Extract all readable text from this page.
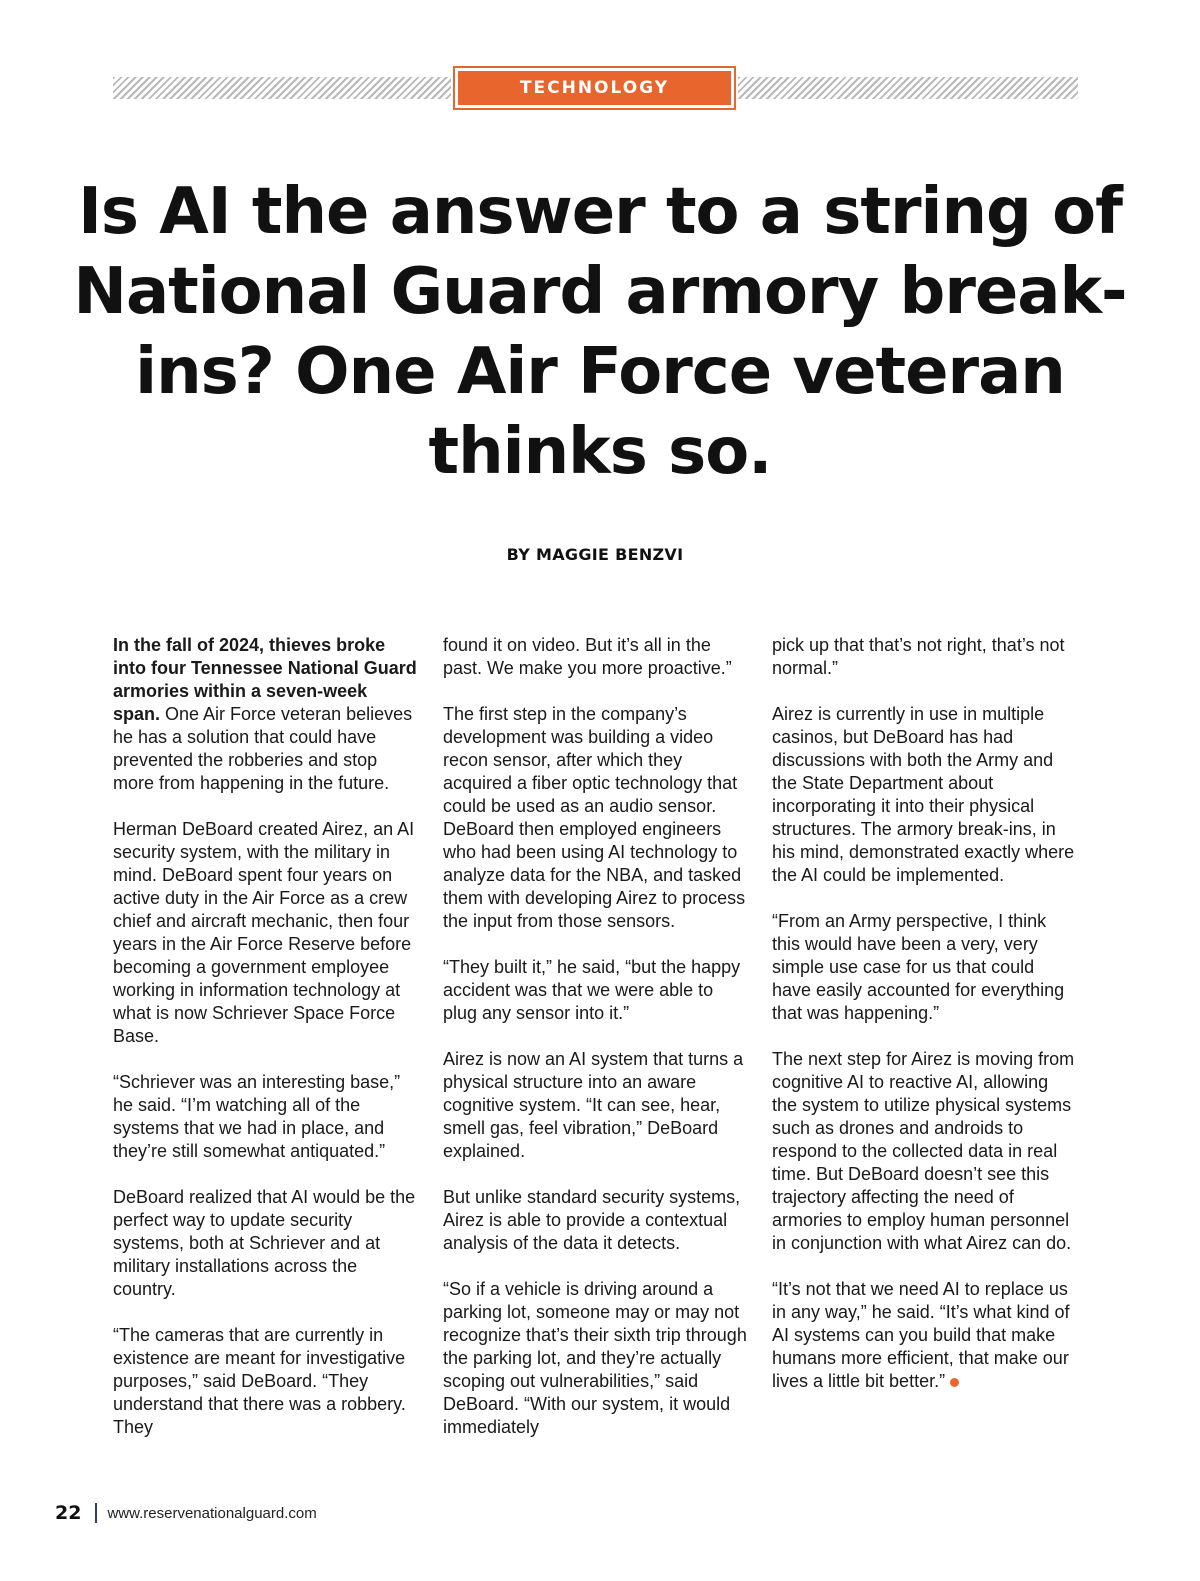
TECHNOLOGY
Is AI the answer to a string of National Guard armory break-ins? One Air Force veteran thinks so.
BY MAGGIE BENZVI

In the fall of 2024, thieves broke into four Tennessee National Guard armories within a seven-week span. One Air Force veteran believes he has a solution that could have prevented the robberies and stop more from happening in the future.

Herman DeBoard created Airez, an AI security system, with the military in mind. DeBoard spent four years on active duty in the Air Force as a crew chief and aircraft mechanic, then four years in the Air Force Reserve before becoming a government employee working in information technology at what is now Schriever Space Force Base.

“Schriever was an interesting base,” he said. “I’m watching all of the systems that we had in place, and they’re still somewhat antiquated.”

DeBoard realized that AI would be the perfect way to update security systems, both at Schriever and at military installations across the country.

“The cameras that are currently in existence are meant for investigative purposes,” said DeBoard. “They understand that there was a robbery. They

found it on video. But it’s all in the past. We make you more proactive.”

The first step in the company’s development was building a video recon sensor, after which they acquired a fiber optic technology that could be used as an audio sensor. DeBoard then employed engineers who had been using AI technology to analyze data for the NBA, and tasked them with developing Airez to process the input from those sensors.

“They built it,” he said, “but the happy accident was that we were able to plug any sensor into it.”

Airez is now an AI system that turns a physical structure into an aware cognitive system. “It can see, hear, smell gas, feel vibration,” DeBoard explained.

But unlike standard security systems, Airez is able to provide a contextual analysis of the data it detects.

“So if a vehicle is driving around a parking lot, someone may or may not recognize that’s their sixth trip through the parking lot, and they’re actually scoping out vulnerabilities,” said DeBoard. “With our system, it would immediately

pick up that that’s not right, that’s not normal.”

Airez is currently in use in multiple casinos, but DeBoard has had discussions with both the Army and the State Department about incorporating it into their physical structures. The armory break-ins, in his mind, demonstrated exactly where the AI could be implemented.

“From an Army perspective, I think this would have been a very, very simple use case for us that could have easily accounted for everything that was happening.”

The next step for Airez is moving from cognitive AI to reactive AI, allowing the system to utilize physical systems such as drones and androids to respond to the collected data in real time. But DeBoard doesn’t see this trajectory affecting the need of armories to employ human personnel in conjunction with what Airez can do.

“It’s not that we need AI to replace us in any way,” he said. “It’s what kind of AI systems can you build that make humans more efficient, that make our lives a little bit better.”

22 www.reservenationalguard.com
